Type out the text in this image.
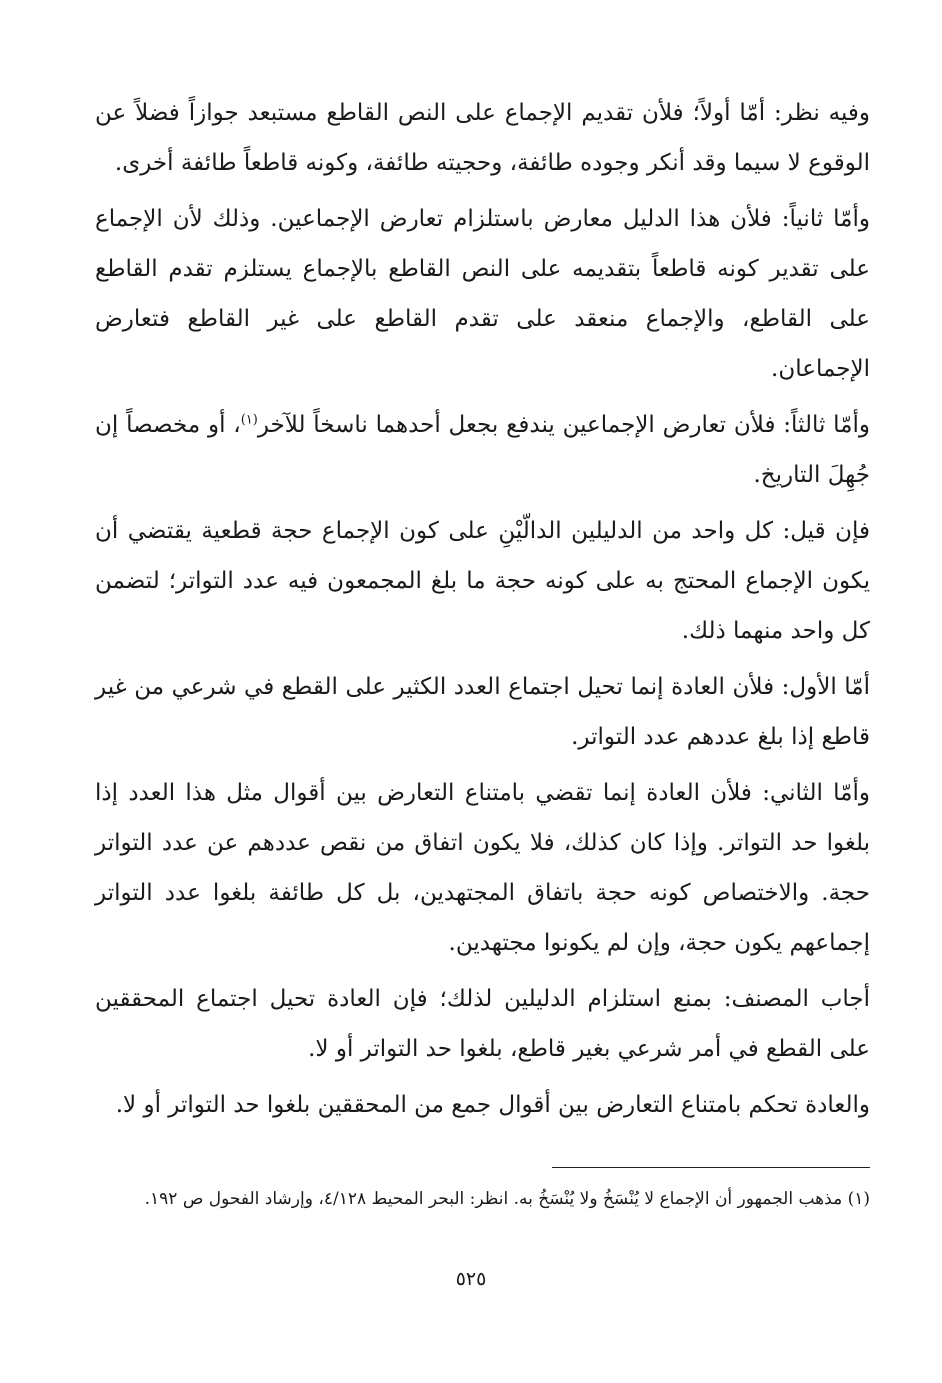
وفيه نظر: أمّا أولاً؛ فلأن تقديم الإجماع على النص القاطع مستبعد جوازاً فضلاً عن الوقوع لا سيما وقد أنكر وجوده طائفة، وحجيته طائفة، وكونه قاطعاً طائفة أخرى.

وأمّا ثانياً: فلأن هذا الدليل معارض باستلزام تعارض الإجماعين. وذلك لأن الإجماع على تقدير كونه قاطعاً بتقديمه على النص القاطع بالإجماع يستلزم تقدم القاطع على القاطع، والإجماع منعقد على تقدم القاطع على غير القاطع فتعارض الإجماعان.

وأمّا ثالثاً: فلأن تعارض الإجماعين يندفع بجعل أحدهما ناسخاً للآخر$^{(١)}$، أو مخصصاً إن جُهِلَ التاريخ.

فإن قيل: كل واحد من الدليلين الدالّيْنِ على كون الإجماع حجة قطعية يقتضي أن يكون الإجماع المحتج به على كونه حجة ما بلغ المجمعون فيه عدد التواتر؛ لتضمن كل واحد منهما ذلك.

أمّا الأول: فلأن العادة إنما تحيل اجتماع العدد الكثير على القطع في شرعي من غير قاطع إذا بلغ عددهم عدد التواتر.

وأمّا الثاني: فلأن العادة إنما تقضي بامتناع التعارض بين أقوال مثل هذا العدد إذا بلغوا حد التواتر. وإذا كان كذلك، فلا يكون اتفاق من نقص عددهم عن عدد التواتر حجة. والاختصاص كونه حجة باتفاق المجتهدين، بل كل طائفة بلغوا عدد التواتر إجماعهم يكون حجة، وإن لم يكونوا مجتهدين.

أجاب المصنف: بمنع استلزام الدليلين لذلك؛ فإن العادة تحيل اجتماع المحققين على القطع في أمر شرعي بغير قاطع، بلغوا حد التواتر أو لا.

والعادة تحكم بامتناع التعارض بين أقوال جمع من المحققين بلغوا حد التواتر أو لا.

(١) مذهب الجمهور أن الإجماع لا يُنْسَخُ ولا يُنْسَخُ به. انظر: البحر المحيط ٤/١٢٨، وإرشاد الفحول ص ١٩٢.
٥٢٥
